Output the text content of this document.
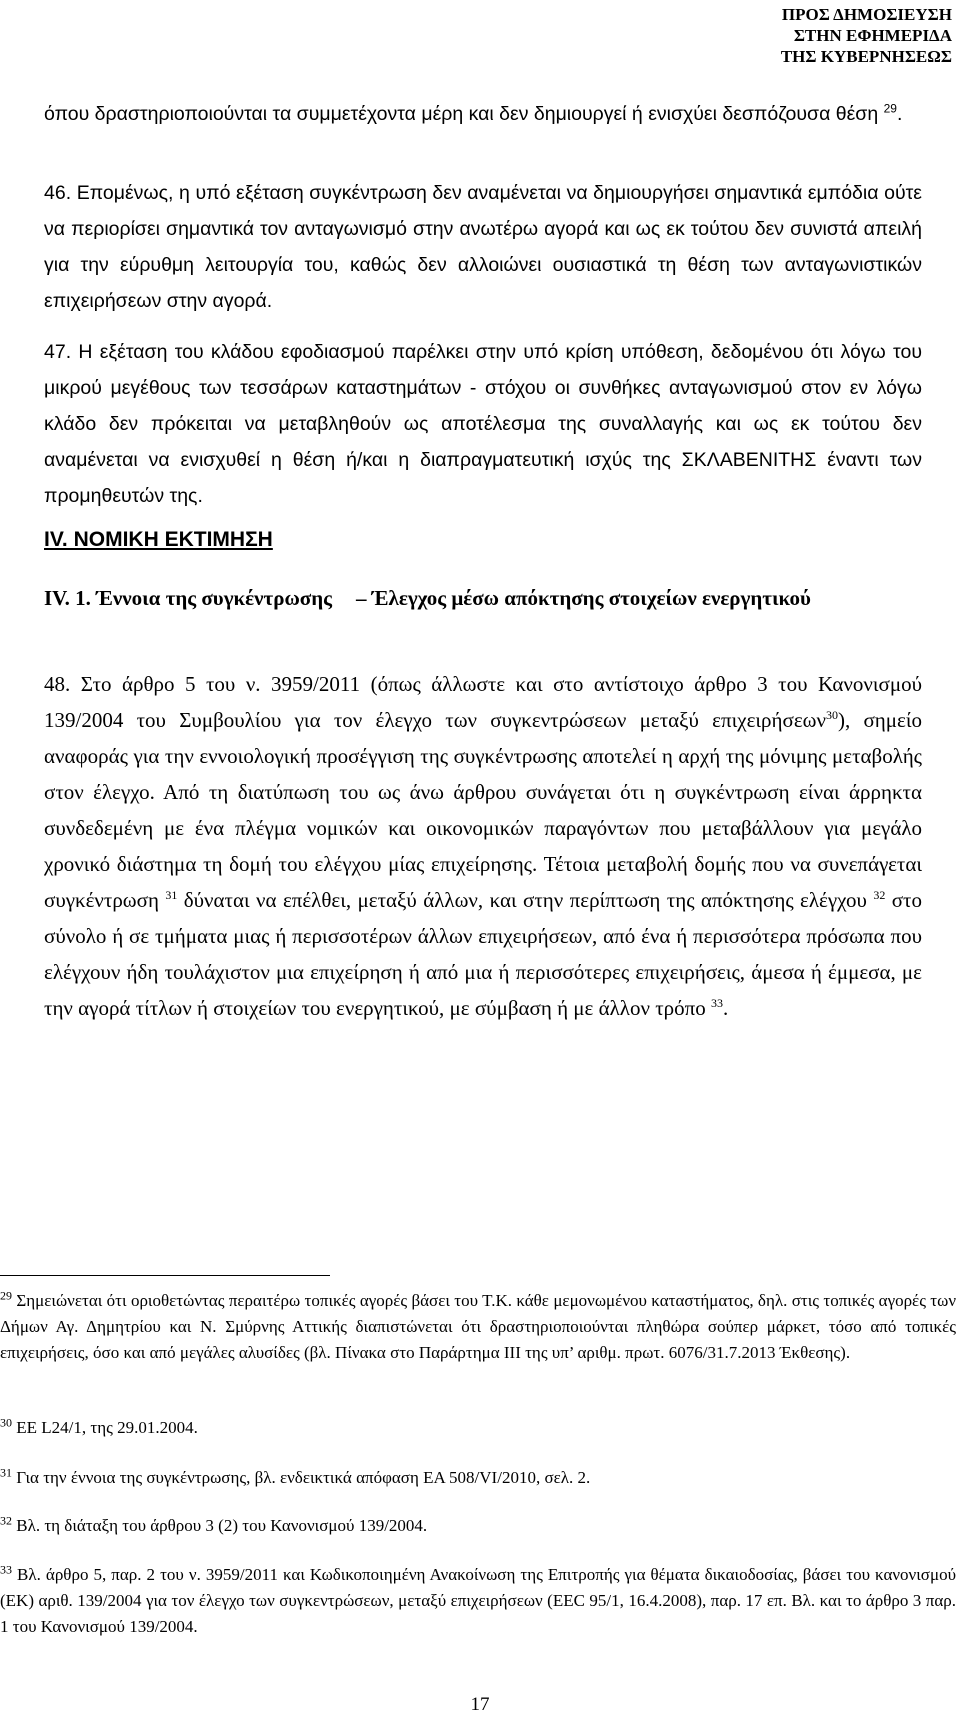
ΠΡΟΣ ΔΗΜΟΣΙΕΥΣΗ
ΣΤΗΝ ΕΦΗΜΕΡΙΔΑ
ΤΗΣ ΚΥΒΕΡΝΗΣΕΩΣ
όπου δραστηριοποιούνται τα συμμετέχοντα μέρη και δεν δημιουργεί ή ενισχύει δεσπόζουσα θέση $^{29}$.
46. Επομένως, η υπό εξέταση συγκέντρωση δεν αναμένεται να δημιουργήσει σημαντικά εμπόδια ούτε να περιορίσει σημαντικά τον ανταγωνισμό στην ανωτέρω αγορά και ως εκ τούτου δεν συνιστά απειλή για την εύρυθμη λειτουργία του, καθώς δεν αλλοιώνει ουσιαστικά τη θέση των ανταγωνιστικών επιχειρήσεων στην αγορά.
47. Η εξέταση του κλάδου εφοδιασμού παρέλκει στην υπό κρίση υπόθεση, δεδομένου ότι λόγω του μικρού μεγέθους των τεσσάρων καταστημάτων - στόχου οι συνθήκες ανταγωνισμού στον εν λόγω κλάδο δεν πρόκειται να μεταβληθούν ως αποτέλεσμα της συναλλαγής και ως εκ τούτου δεν αναμένεται να ενισχυθεί η θέση ή/και η διαπραγματευτική ισχύς της ΣΚΛΑΒΕΝΙΤΗΣ έναντι των προμηθευτών της.
IV. ΝΟΜΙΚΗ ΕΚΤΙΜΗΣΗ
IV. 1. Έννοια της συγκέντρωσης – Έλεγχος μέσω απόκτησης στοιχείων ενεργητικού
48. Στο άρθρο 5 του ν. 3959/2011 (όπως άλλωστε και στο αντίστοιχο άρθρο 3 του Κανονισμού 139/2004 του Συμβουλίου για τον έλεγχο των συγκεντρώσεων μεταξύ επιχειρήσεων$^{30}$), σημείο αναφοράς για την εννοιολογική προσέγγιση της συγκέντρωσης αποτελεί η αρχή της μόνιμης μεταβολής στον έλεγχο. Από τη διατύπωση του ως άνω άρθρου συνάγεται ότι η συγκέντρωση είναι άρρηκτα συνδεδεμένη με ένα πλέγμα νομικών και οικονομικών παραγόντων που μεταβάλλουν για μεγάλο χρονικό διάστημα τη δομή του ελέγχου μίας επιχείρησης. Τέτοια μεταβολή δομής που να συνεπάγεται συγκέντρωση $^{31}$ δύναται να επέλθει, μεταξύ άλλων, και στην περίπτωση της απόκτησης ελέγχου $^{32}$ στο σύνολο ή σε τμήματα μιας ή περισσοτέρων άλλων επιχειρήσεων, από ένα ή περισσότερα πρόσωπα που ελέγχουν ήδη τουλάχιστον μια επιχείρηση ή από μια ή περισσότερες επιχειρήσεις, άμεσα ή έμμεσα, με την αγορά τίτλων ή στοιχείων του ενεργητικού, με σύμβαση ή με άλλον τρόπο $^{33}$.
$^{29}$ Σημειώνεται ότι οριοθετώντας περαιτέρω τοπικές αγορές βάσει του Τ.Κ. κάθε μεμονωμένου καταστήματος, δηλ. στις τοπικές αγορές των Δήμων Αγ. Δημητρίου και Ν. Σμύρνης Αττικής διαπιστώνεται ότι δραστηριοποιούνται πληθώρα σούπερ μάρκετ, τόσο από τοπικές επιχειρήσεις, όσο και από μεγάλες αλυσίδες (βλ. Πίνακα στο Παράρτημα ΙΙΙ της υπ’ αριθμ. πρωτ. 6076/31.7.2013 Έκθεσης).
$^{30}$ ΕΕ L24/1, της 29.01.2004.
$^{31}$ Για την έννοια της συγκέντρωσης, βλ. ενδεικτικά απόφαση ΕΑ 508/VI/2010, σελ. 2.
$^{32}$ Βλ. τη διάταξη του άρθρου 3 (2) του Κανονισμού 139/2004.
$^{33}$ Βλ. άρθρο 5, παρ. 2 του ν. 3959/2011 και Κωδικοποιημένη Ανακοίνωση της Επιτροπής για θέματα δικαιοδοσίας, βάσει του κανονισμού (ΕΚ) αριθ. 139/2004 για τον έλεγχο των συγκεντρώσεων, μεταξύ επιχειρήσεων (ΕΕC 95/1, 16.4.2008), παρ. 17 επ. Βλ. και το άρθρο 3 παρ. 1 του Κανονισμού 139/2004.
17
